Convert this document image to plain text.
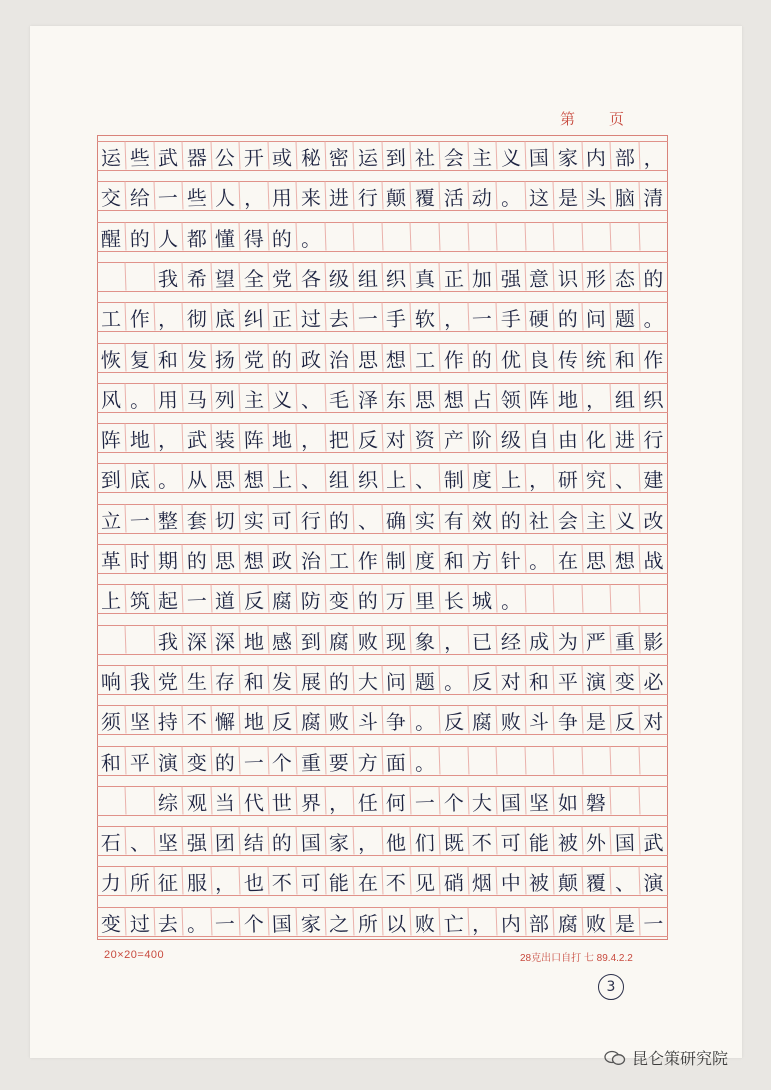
第 页
运 些 武 器 公 开 或 秘 密 运 到 社 会 主 义 国 家 内 部 ，
交 给 一 些 人 ， 用 来 进 行 颠 覆 活 动 。 这 是 头 脑 清
醒 的 人 都 懂 得 的 。

我 希 望 全 党 各 级 组 织 真 正 加 强 意 识 形 态 的
工 作 ， 彻 底 纠 正 过 去 一 手 软 ， 一 手 硬 的 问 题 。
恢 复 和 发 扬 党 的 政 治 思 想 工 作 的 优 良 传 统 和 作
风 。 用 马 列 主 义 、 毛 泽 东 思 想 占 领 阵 地 ， 组 织
阵 地 ， 武 装 阵 地 ， 把 反 对 资 产 阶 级 自 由 化 进 行
到 底 。 从 思 想 上 、 组 织 上 、 制 度 上 ， 研 究 、 建
立 一 整 套 切 实 可 行 的 、 确 实 有 效 的 社 会 主 义 改
革 时 期 的 思 想 政 治 工 作 制 度 和 方 针 。 在 思 想 战
上 筑 起 一 道 反 腐 防 变 的 万 里 长 城 。

我 深 深 地 感 到 腐 败 现 象 ， 已 经 成 为 严 重 影
响 我 党 生 存 和 发 展 的 大 问 题 。 反 对 和 平 演 变 必
须 坚 持 不 懈 地 反 腐 败 斗 争 。 反 腐 败 斗 争 是 反 对
和 平 演 变 的 一 个 重 要 方 面 。

综 观 当 代 世 界 ， 任 何 一 个 大 国 坚 如 磐
石 、 坚 强 团 结 的 国 家 ， 他 们 既 不 可 能 被 外 国 武
力 所 征 服 ， 也 不 可 能 在 不 见 硝 烟 中 被 颠 覆 、 演
变 过 去 。 一 个 国 家 之 所 以 败 亡 ， 内 部 腐 败 是 一
20×20=400	28克出口自打 七 89.4.2.2
3
昆仑策研究院
